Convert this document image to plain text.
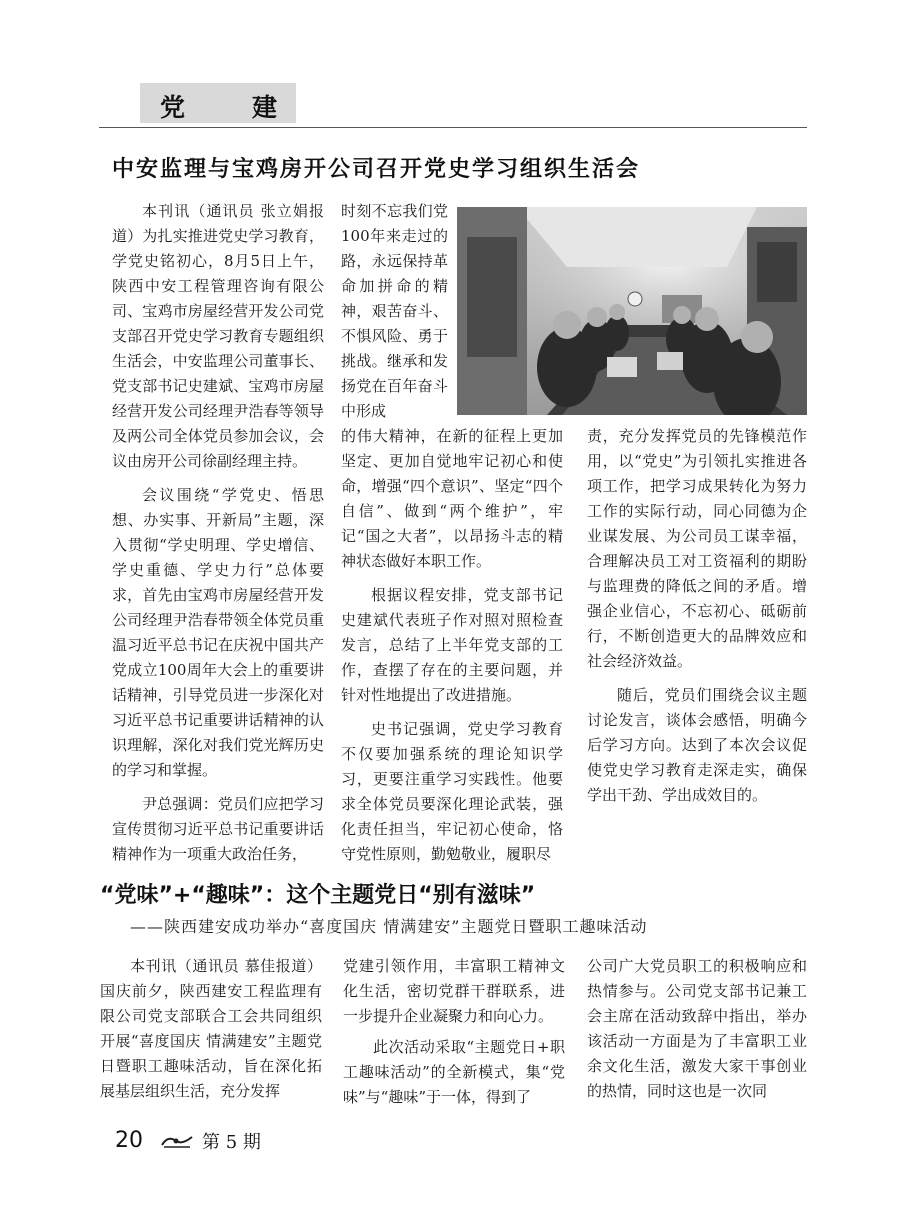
党	建
中安监理与宝鸡房开公司召开党史学习组织生活会

本刊讯（通讯员 张立娟报道）为扎实推进党史学习教育，学党史铭初心，8月5日上午，陕西中安工程管理咨询有限公司、宝鸡市房屋经营开发公司党支部召开党史学习教育专题组织生活会，中安监理公司董事长、党支部书记史建斌、宝鸡市房屋经营开发公司经理尹浩春等领导及两公司全体党员参加会议，会议由房开公司徐副经理主持。

会议围绕“学党史、悟思想、办实事、开新局”主题，深入贯彻“学史明理、学史增信、学史重德、学史力行”总体要求，首先由宝鸡市房屋经营开发公司经理尹浩春带领全体党员重温习近平总书记在庆祝中国共产党成立100周年大会上的重要讲话精神，引导党员进一步深化对习近平总书记重要讲话精神的认识理解，深化对我们党光辉历史的学习和掌握。

尹总强调：党员们应把学习宣传贯彻习近平总书记重要讲话精神作为一项重大政治任务，

时刻不忘我们党100年来走过的路，永远保持革命加拼命的精神，艰苦奋斗、不惧风险、勇于挑战。继承和发扬党在百年奋斗中形成

的伟大精神，在新的征程上更加坚定、更加自觉地牢记初心和使命，增强“四个意识”、坚定“四个自信”、做到“两个维护”，牢记“国之大者”，以昂扬斗志的精神状态做好本职工作。

根据议程安排，党支部书记史建斌代表班子作对照对照检查发言，总结了上半年党支部的工作，查摆了存在的主要问题，并针对性地提出了改进措施。

史书记强调，党史学习教育不仅要加强系统的理论知识学习，更要注重学习实践性。他要求全体党员要深化理论武装，强化责任担当，牢记初心使命，恪守党性原则，勤勉敬业，履职尽

责，充分发挥党员的先锋模范作用，以“党史”为引领扎实推进各项工作，把学习成果转化为努力工作的实际行动，同心同德为企业谋发展、为公司员工谋幸福，合理解决员工对工资福利的期盼与监理费的降低之间的矛盾。增强企业信心，不忘初心、砥砺前行，不断创造更大的品牌效应和社会经济效益。

随后，党员们围绕会议主题讨论发言，谈体会感悟，明确今后学习方向。达到了本次会议促使党史学习教育走深走实，确保学出干劲、学出成效目的。

“党味”+“趣味”：这个主题党日“别有滋味”

——陕西建安成功举办“喜度国庆 情满建安”主题党日暨职工趣味活动

本刊讯（通讯员 慕佳报道）国庆前夕，陕西建安工程监理有限公司党支部联合工会共同组织开展“喜度国庆 情满建安”主题党日暨职工趣味活动，旨在深化拓展基层组织生活，充分发挥

党建引领作用，丰富职工精神文化生活，密切党群干群联系，进一步提升企业凝聚力和向心力。

此次活动采取“主题党日+职工趣味活动”的全新模式，集“党味”与“趣味”于一体，得到了

公司广大党员职工的积极响应和热情参与。公司党支部书记兼工会主席在活动致辞中指出，举办该活动一方面是为了丰富职工业余文化生活，激发大家干事创业的热情，同时这也是一次同

20	第 5 期
